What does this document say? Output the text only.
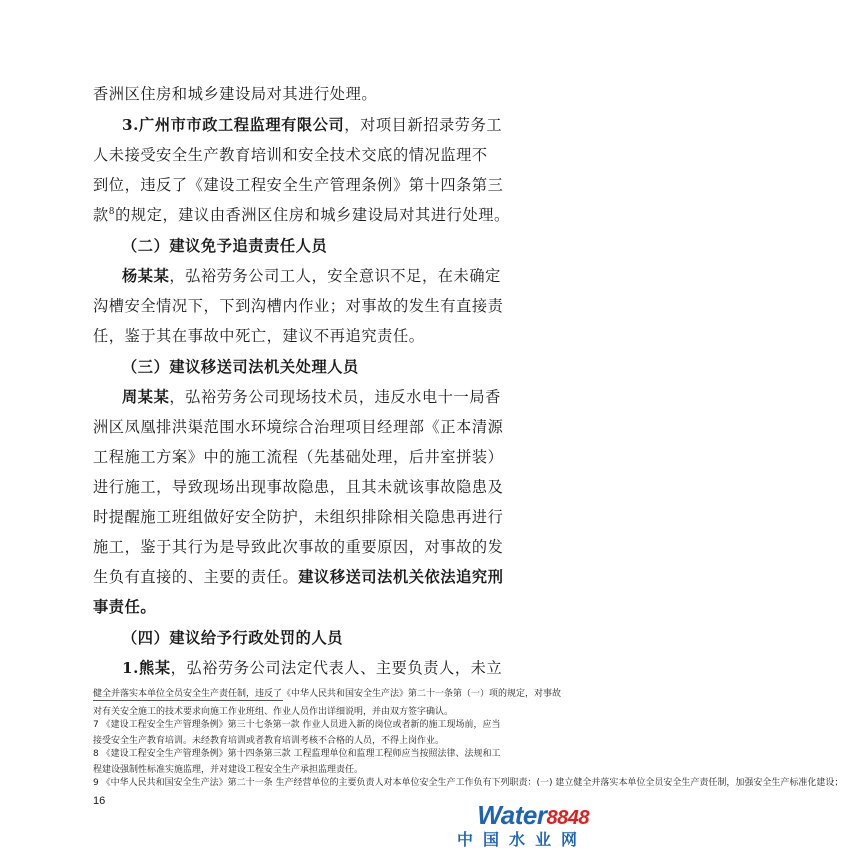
香洲区住房和城乡建设局对其进行处理。
3.广州市市政工程监理有限公司，对项目新招录劳务工
人未接受安全生产教育培训和安全技术交底的情况监理不
到位，违反了《建设工程安全生产管理条例》第十四条第三
款$^8$的规定，建议由香洲区住房和城乡建设局对其进行处理。
（二）建议免予追责责任人员
杨某某，弘裕劳务公司工人，安全意识不足，在未确定
沟槽安全情况下，下到沟槽内作业；对事故的发生有直接责
任，鉴于其在事故中死亡，建议不再追究责任。
（三）建议移送司法机关处理人员
周某某，弘裕劳务公司现场技术员，违反水电十一局香
洲区凤凰排洪渠范围水环境综合治理项目经理部《正本清源
工程施工方案》中的施工流程（先基础处理，后井室拼装）
进行施工，导致现场出现事故隐患，且其未就该事故隐患及
时提醒施工班组做好安全防护，未组织排除相关隐患再进行
施工，鉴于其行为是导致此次事故的重要原因，对事故的发
生负有直接的、主要的责任。建议移送司法机关依法追究刑
事责任。
（四）建议给予行政处罚的人员
1.熊某，弘裕劳务公司法定代表人、主要负责人，未立
健全并落实本单位全员安全生产责任制，违反了《中华人民共和国安全生产法》第二十一条第（一）项的规定，对事故
对有关安全施工的技术要求向施工作业班组、作业人员作出详细说明，并由双方签字确认。
7 《建设工程安全生产管理条例》第三十七条第一款 作业人员进入新的岗位或者新的施工现场前，应当
接受安全生产教育培训。未经教育培训或者教育培训考核不合格的人员，不得上岗作业。
8 《建设工程安全生产管理条例》第十四条第三款 工程监理单位和监理工程师应当按照法律、法规和工
程建设强制性标准实施监理，并对建设工程安全生产承担监理责任。
9 《中华人民共和国安全生产法》第二十一条 生产经营单位的主要负责人对本单位安全生产工作负有下列职责：(一) 建立健全并落实本单位全员安全生产责任制，加强安全生产标准化建设；
16	Water8848
中国水业网
